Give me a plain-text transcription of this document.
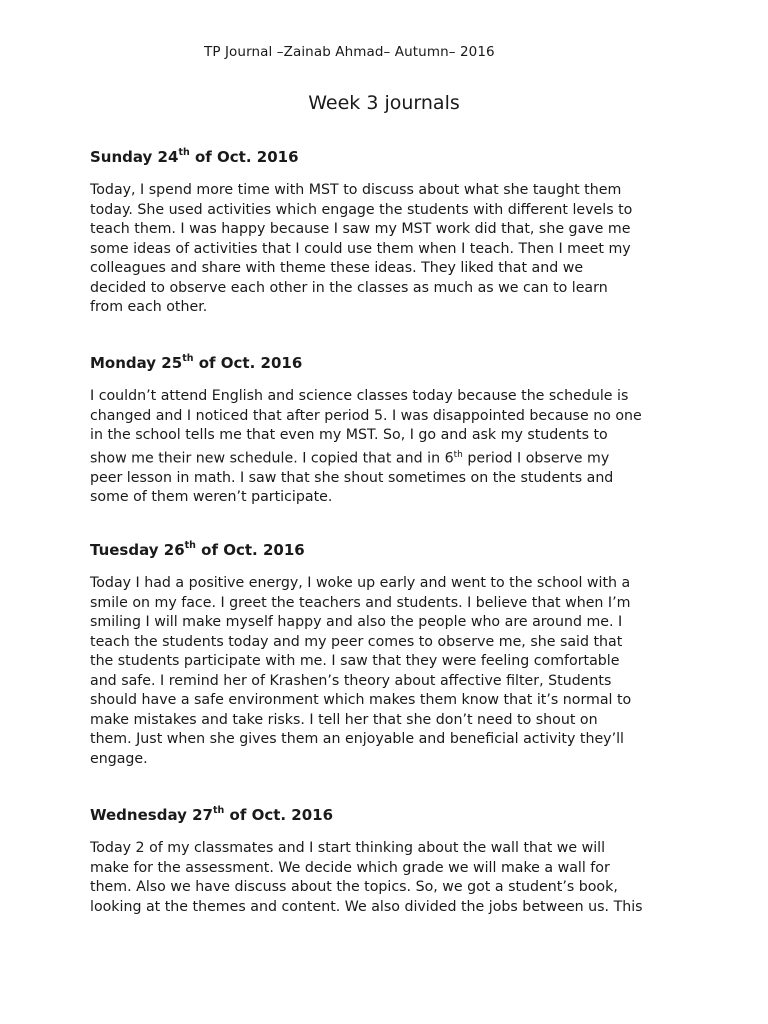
TP Journal –Zainab Ahmad– Autumn– 2016
Week 3 journals

Sunday 24th of Oct. 2016

Today, I spend more time with MST to discuss about what she taught them
today. She used activities which engage the students with different levels to
teach them. I was happy because I saw my MST work did that, she gave me
some ideas of activities that I could use them when I teach. Then I meet my
colleagues and share with theme these ideas. They liked that and we
decided to observe each other in the classes as much as we can to learn
from each other.

Monday 25th of Oct. 2016

I couldn’t attend English and science classes today because the schedule is
changed and I noticed that after period 5. I was disappointed because no one
in the school tells me that even my MST. So, I go and ask my students to
show me their new schedule. I copied that and in 6th period I observe my
peer lesson in math. I saw that she shout sometimes on the students and
some of them weren’t participate.

Tuesday 26th of Oct. 2016

Today I had a positive energy, I woke up early and went to the school with a
smile on my face. I greet the teachers and students. I believe that when I’m
smiling I will make myself happy and also the people who are around me. I
teach the students today and my peer comes to observe me, she said that
the students participate with me. I saw that they were feeling comfortable
and safe. I remind her of Krashen’s theory about affective filter, Students
should have a safe environment which makes them know that it’s normal to
make mistakes and take risks. I tell her that she don’t need to shout on
them. Just when she gives them an enjoyable and beneficial activity they’ll
engage.

Wednesday 27th of Oct. 2016

Today 2 of my classmates and I start thinking about the wall that we will
make for the assessment. We decide which grade we will make a wall for
them. Also we have discuss about the topics. So, we got a student’s book,
looking at the themes and content. We also divided the jobs between us. This
